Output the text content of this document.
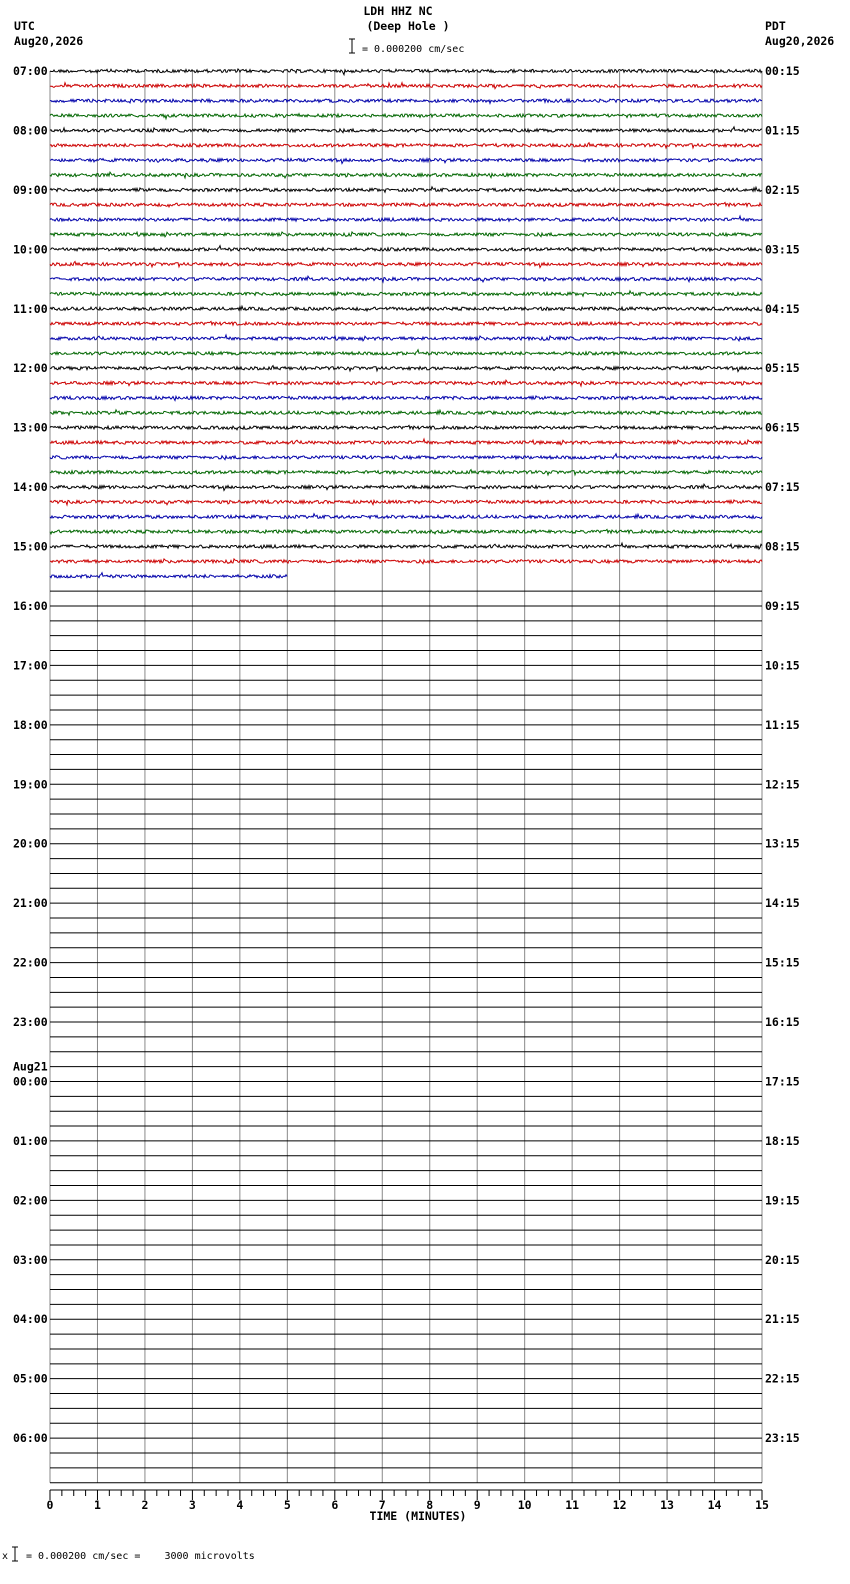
LDH HHZ NC
(Deep Hole )
UTC
Aug20,2026
PDT
Aug20,2026
= 0.000200 cm/sec
07:00	00:15
08:00	01:15
09:00	02:15
10:00	03:15
11:00	04:15
12:00	05:15
13:00	06:15
14:00	07:15
15:00	08:15
16:00	09:15
17:00	10:15
18:00	11:15
19:00	12:15
20:00	13:15
21:00	14:15
22:00	15:15
23:00	16:15
00:00	17:15
Aug21
01:00	18:15
02:00	19:15
03:00	20:15
04:00	21:15
05:00	22:15
06:00	23:15
0	1	2	3	4	5	6	7	8	9	10	11	12	13	14	15
TIME (MINUTES)
x = 0.000200 cm/sec =    3000 microvolts
